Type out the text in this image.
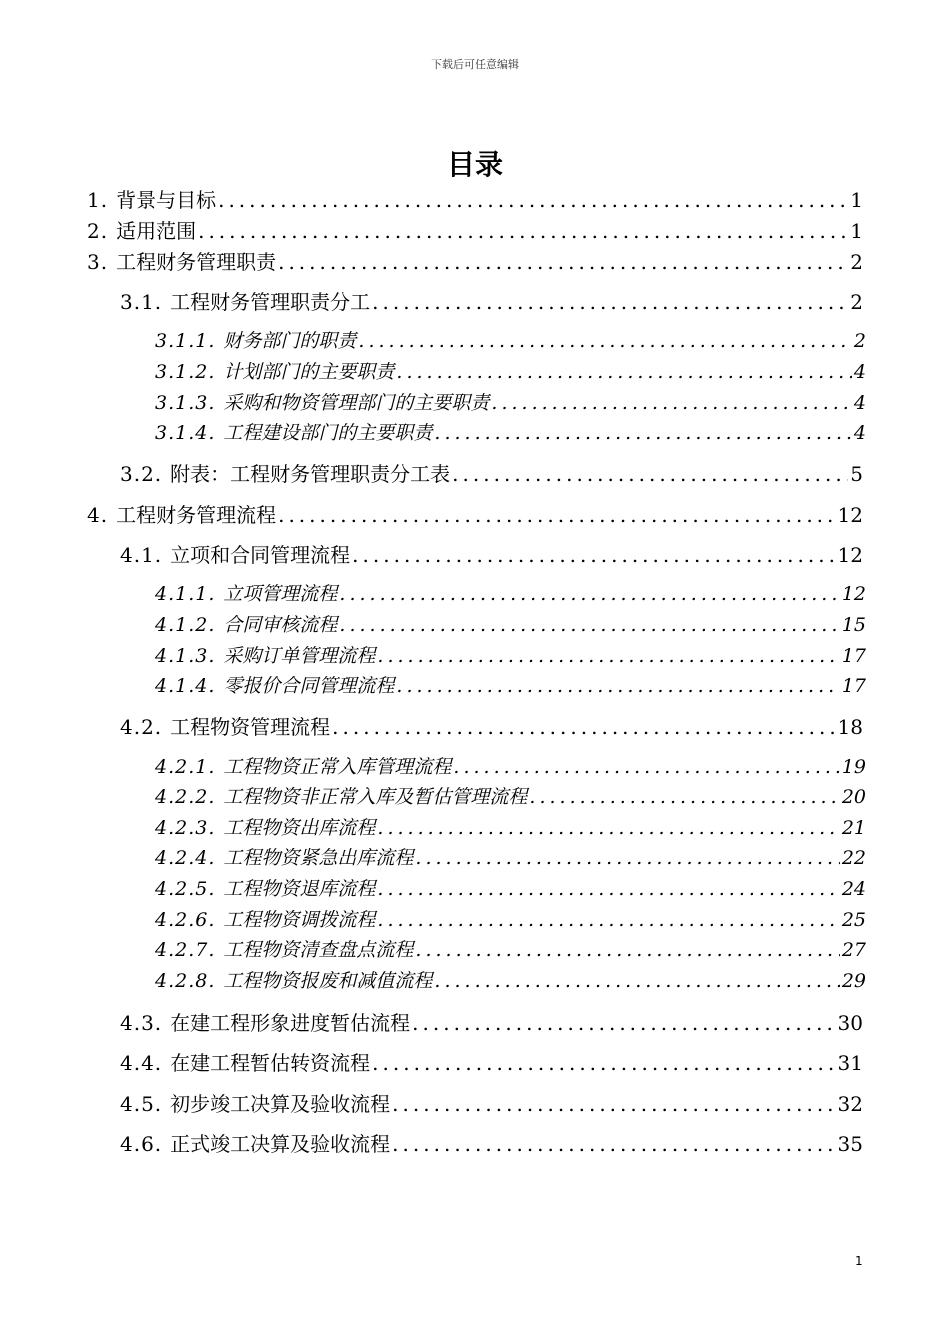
下载后可任意编辑
目录
1. 背景与目标 .....	1
2. 适用范围 .....	1
3. 工程财务管理职责 .....	2
3.1. 工程财务管理职责分工 .....	2
3.1.1. 财务部门的职责 .....	2
3.1.2. 计划部门的主要职责 .....	4
3.1.3. 采购和物资管理部门的主要职责 .....	4
3.1.4. 工程建设部门的主要职责 .....	4
3.2. 附表：工程财务管理职责分工表 .....	5
4. 工程财务管理流程 .....	12
4.1. 立项和合同管理流程 .....	12
4.1.1. 立项管理流程 .....	12
4.1.2. 合同审核流程 .....	15
4.1.3. 采购订单管理流程 .....	17
4.1.4. 零报价合同管理流程 .....	17
4.2. 工程物资管理流程 .....	18
4.2.1. 工程物资正常入库管理流程 .....	19
4.2.2. 工程物资非正常入库及暂估管理流程 .....	20
4.2.3. 工程物资出库流程 .....	21
4.2.4. 工程物资紧急出库流程 .....	22
4.2.5. 工程物资退库流程 .....	24
4.2.6. 工程物资调拨流程 .....	25
4.2.7. 工程物资清查盘点流程 .....	27
4.2.8. 工程物资报废和减值流程 .....	29
4.3. 在建工程形象进度暂估流程 .....	30
4.4. 在建工程暂估转资流程 .....	31
4.5. 初步竣工决算及验收流程 .....	32
4.6. 正式竣工决算及验收流程 .....	35
1
